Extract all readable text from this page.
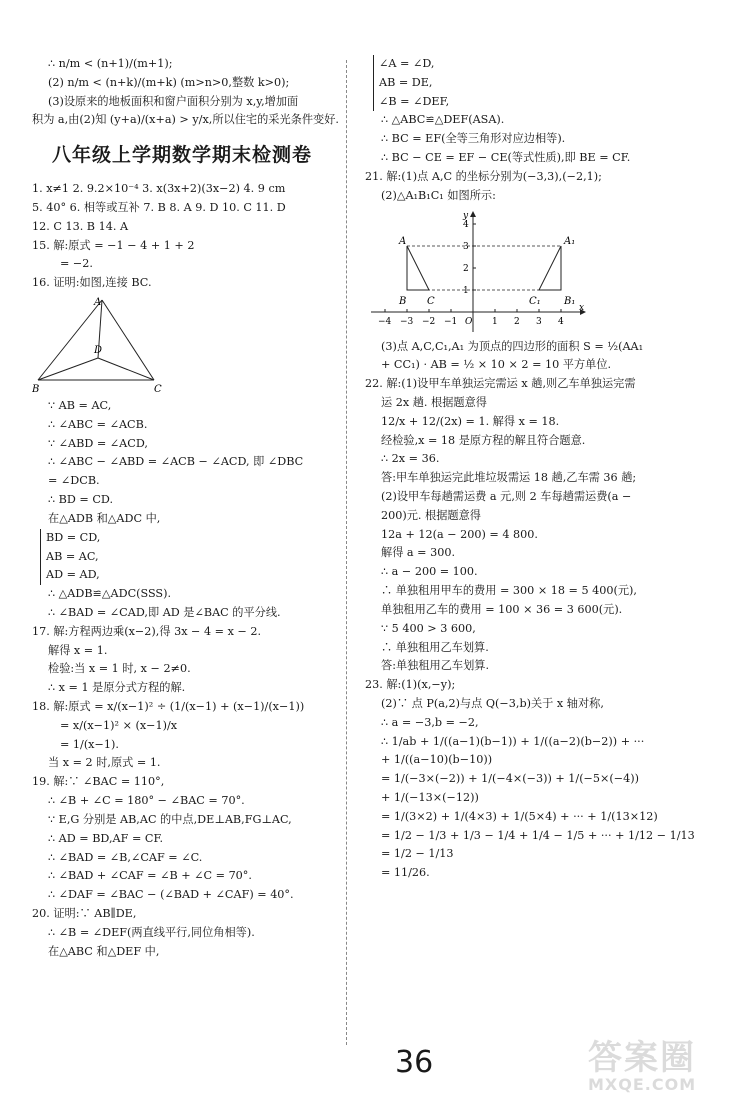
∴ n/m < (n+1)/(m+1);
(2) n/m < (n+k)/(m+k) (m>n>0,整数 k>0);
(3)设原来的地板面积和窗户面积分别为 x,y,增加面
积为 a,由(2)知 (y+a)/(x+a) > y/x,所以住宅的采光条件变好.
八年级上学期数学期末检测卷
1. x≠1 2. 9.2×10⁻⁴ 3. x(3x+2)(3x−2) 4. 9 cm
5. 40° 6. 相等或互补 7. B 8. A 9. D 10. C 11. D
12. C 13. B 14. A
15. 解:原式 = −1 − 4 + 1 + 2
= −2.
16. 证明:如图,连接 BC.
A
B	C
D
∵ AB = AC,
∴ ∠ABC = ∠ACB.
∵ ∠ABD = ∠ACD,
∴ ∠ABC − ∠ABD = ∠ACB − ∠ACD, 即 ∠DBC
= ∠DCB.
∴ BD = CD.
在△ADB 和△ADC 中,
BD = CD,
AB = AC,
AD = AD,
∴ △ADB≌△ADC(SSS).
∴ ∠BAD = ∠CAD,即 AD 是∠BAC 的平分线.
17. 解:方程两边乘(x−2),得 3x − 4 = x − 2.
解得 x = 1.
检验:当 x = 1 时, x − 2≠0.
∴ x = 1 是原分式方程的解.
18. 解:原式 = x/(x−1)² ÷ (1/(x−1) + (x−1)/(x−1))
= x/(x−1)² × (x−1)/x
= 1/(x−1).
当 x = 2 时,原式 = 1.
19. 解:∵ ∠BAC = 110°,
∴ ∠B + ∠C = 180° − ∠BAC = 70°.
∵ E,G 分别是 AB,AC 的中点,DE⊥AB,FG⊥AC,
∴ AD = BD,AF = CF.
∴ ∠BAD = ∠B,∠CAF = ∠C.
∴ ∠BAD + ∠CAF = ∠B + ∠C = 70°.
∴ ∠DAF = ∠BAC − (∠BAD + ∠CAF) = 40°.
20. 证明:∵ AB∥DE,
∴ ∠B = ∠DEF(两直线平行,同位角相等).
在△ABC 和△DEF 中,
∠A = ∠D,
AB = DE,
∠B = ∠DEF,
∴ △ABC≌△DEF(ASA).
∴ BC = EF(全等三角形对应边相等).
∴ BC − CE = EF − CE(等式性质),即 BE = CF.
21. 解:(1)点 A,C 的坐标分别为(−3,3),(−2,1);
(2)△A₁B₁C₁ 如图所示:
x
y
O
−4 −3 −2 −1	1 2 3 4
1
2
3
4
A
B C
A₁
B₁
C₁
(3)点 A,C,C₁,A₁ 为顶点的四边形的面积 S = ½(AA₁
+ CC₁) · AB = ½ × 10 × 2 = 10 平方单位.
22. 解:(1)设甲车单独运完需运 x 趟,则乙车单独运完需
运 2x 趟. 根据题意得
12/x + 12/(2x) = 1. 解得 x = 18.
经检验,x = 18 是原方程的解且符合题意.
∴ 2x = 36.
答:甲车单独运完此堆垃圾需运 18 趟,乙车需 36 趟;
(2)设甲车每趟需运费 a 元,则 2 车每趟需运费(a −
200)元. 根据题意得
12a + 12(a − 200) = 4 800.
解得 a = 300.
∴ a − 200 = 100.
∴ 单独租用甲车的费用 = 300 × 18 = 5 400(元),
单独租用乙车的费用 = 100 × 36 = 3 600(元).
∵ 5 400 > 3 600,
∴ 单独租用乙车划算.
答:单独租用乙车划算.
23. 解:(1)(x,−y);
(2)∵ 点 P(a,2)与点 Q(−3,b)关于 x 轴对称,
∴ a = −3,b = −2,
∴ 1/ab + 1/((a−1)(b−1)) + 1/((a−2)(b−2)) + ···
+ 1/((a−10)(b−10))
= 1/(−3×(−2)) + 1/(−4×(−3)) + 1/(−5×(−4))
+ 1/(−13×(−12))
= 1/(3×2) + 1/(4×3) + 1/(5×4) + ··· + 1/(13×12)
= 1/2 − 1/3 + 1/3 − 1/4 + 1/4 − 1/5 + ··· + 1/12 − 1/13
= 1/2 − 1/13
= 11/26.
36	答案圈
MXQE.COM
